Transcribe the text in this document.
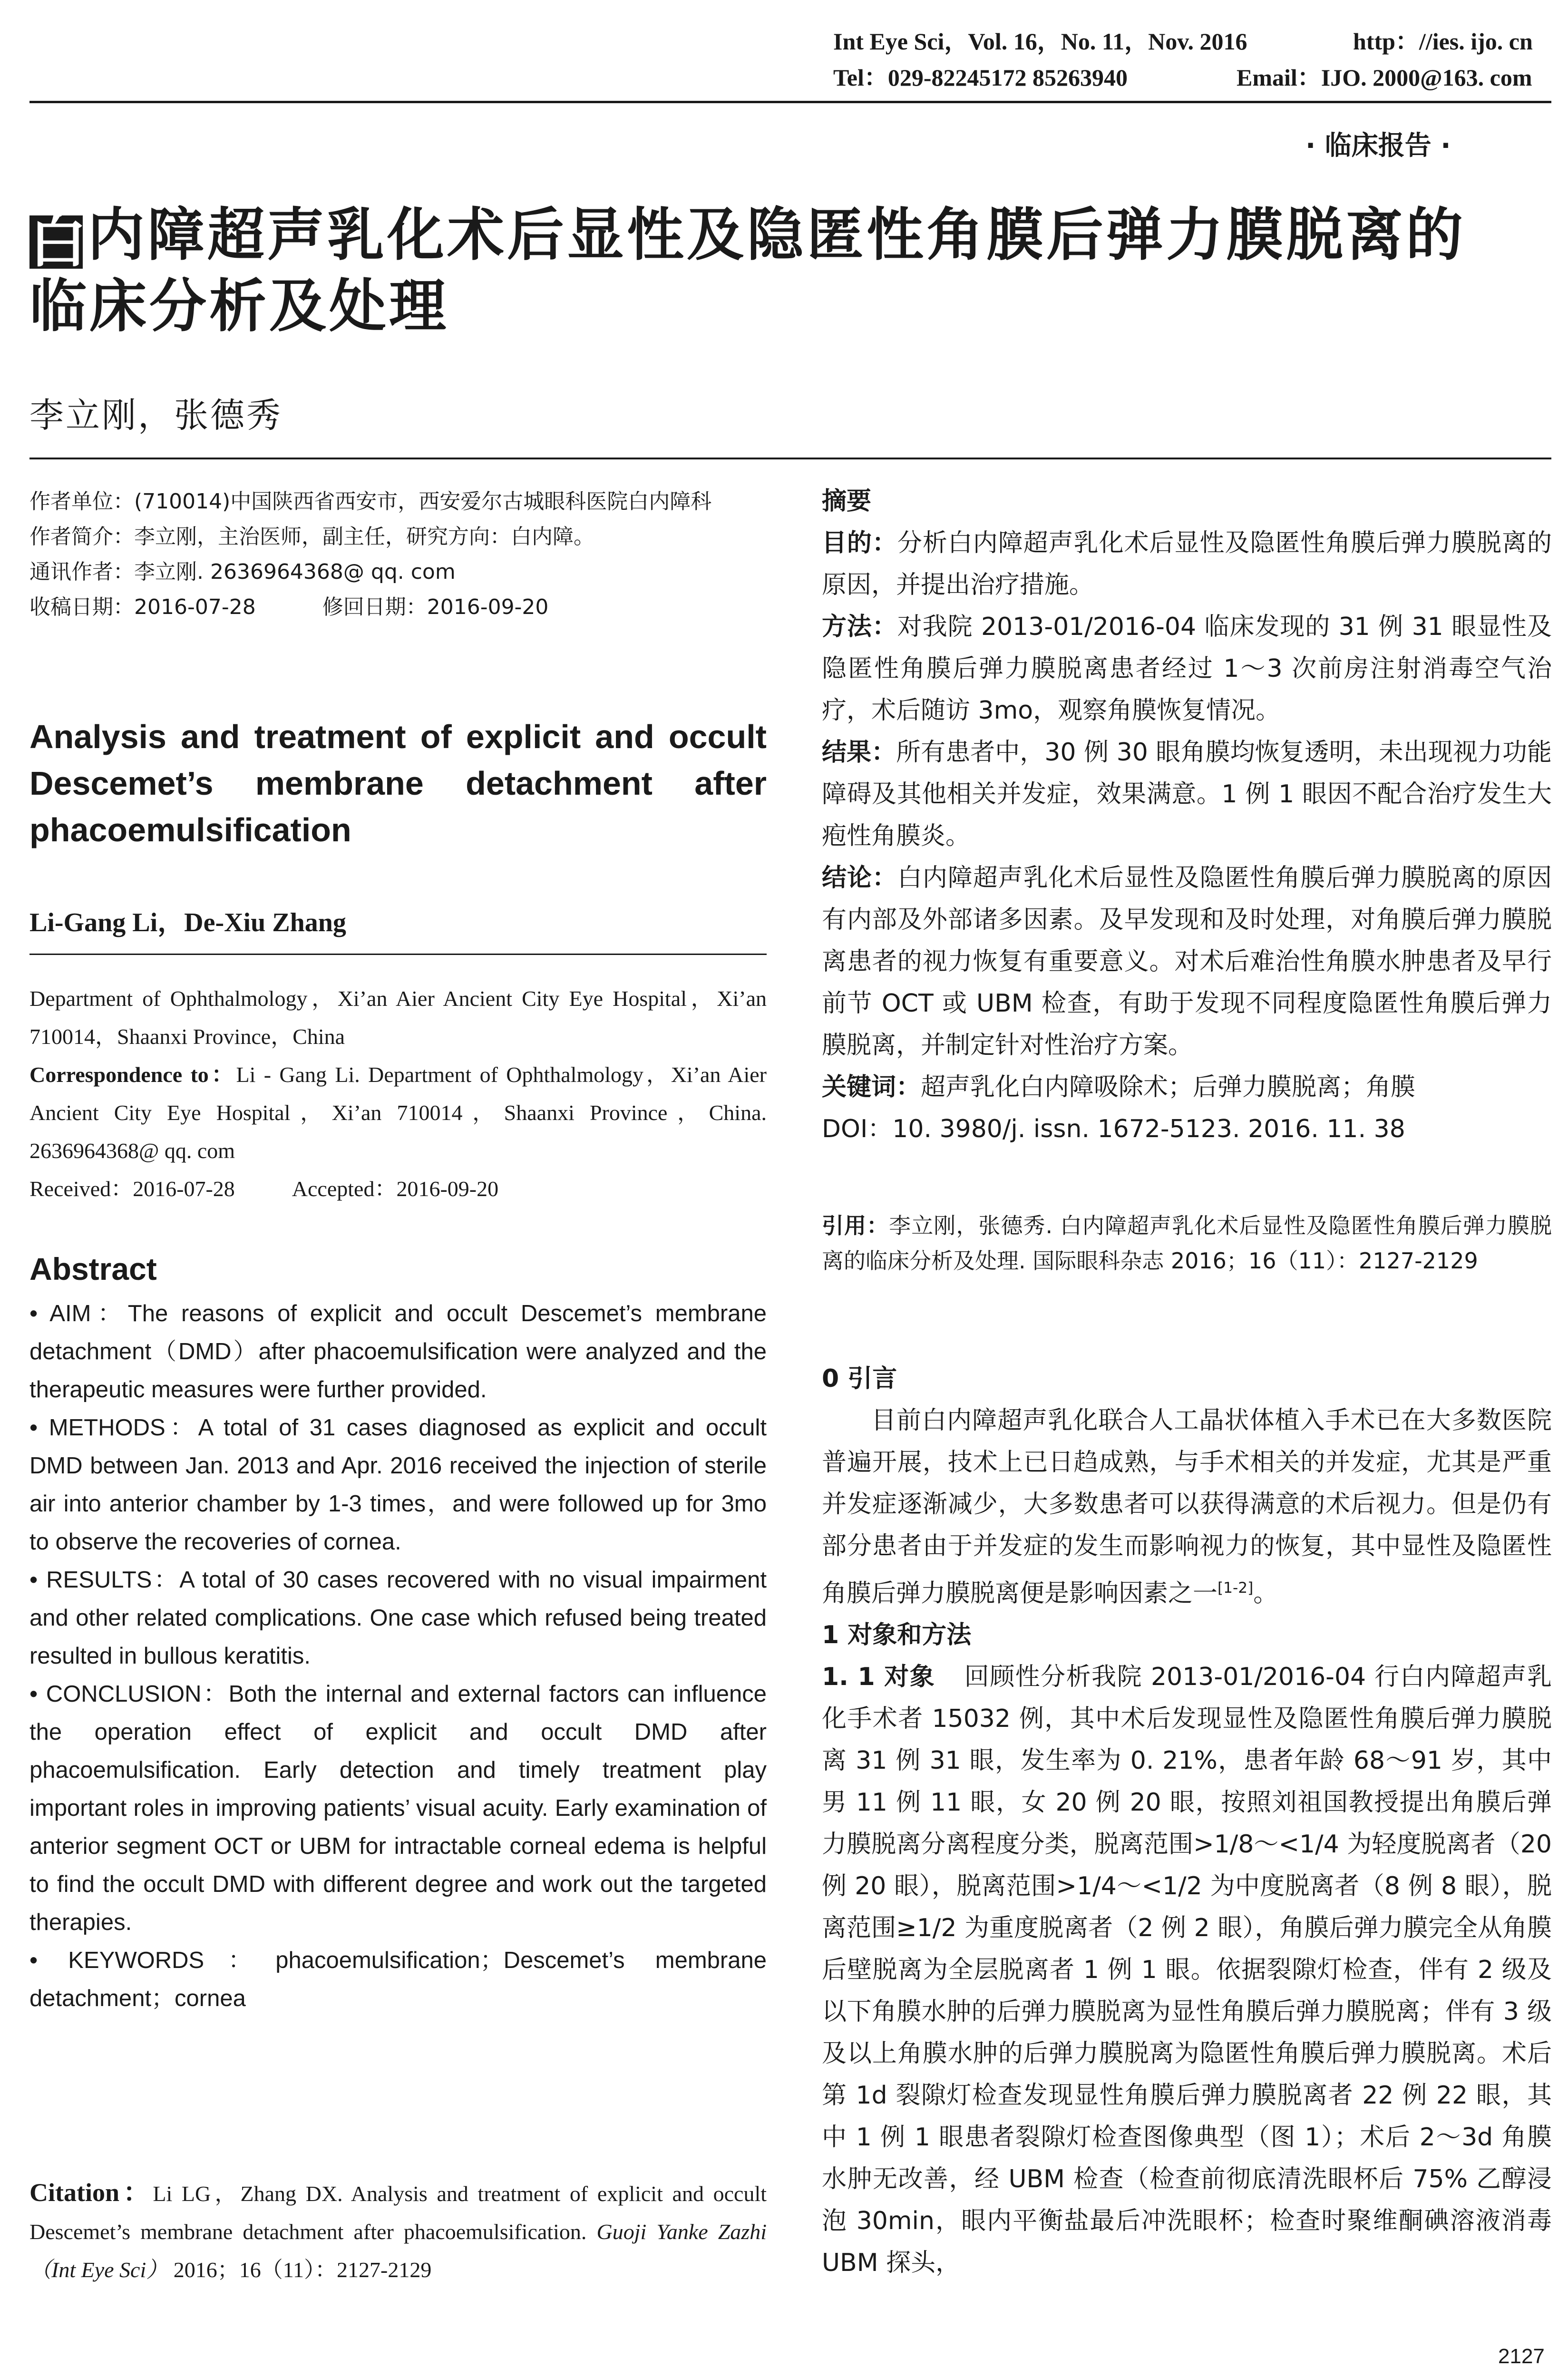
Int Eye Sci，Vol. 16，No. 11，Nov. 2016	http：//ies. ijo. cn
Tel：029-82245172 85263940	Email：IJO. 2000@163. com
· 临床报告 ·
白内障超声乳化术后显性及隐匿性角膜后弹力膜脱离的
临床分析及处理
李立刚，张德秀
作者单位：(710014)中国陕西省西安市，西安爱尔古城眼科医院白内障科
作者简介：李立刚，主治医师，副主任，研究方向：白内障。
通讯作者：李立刚. 2636964368@ qq. com
收稿日期：2016-07-28	修回日期：2016-09-20
Analysis and treatment of explicit and occult Descemet’s membrane detachment after phacoemulsification
Li-Gang Li，De-Xiu Zhang
Department of Ophthalmology，Xi’an Aier Ancient City Eye Hospital，Xi’an 710014，Shaanxi Province，China
Correspondence to：Li - Gang Li. Department of Ophthalmology，Xi’an Aier Ancient City Eye Hospital，Xi’an 710014，Shaanxi Province，China. 2636964368@ qq. com
Received：2016-07-28	Accepted：2016-09-20
Abstract

• AIM：The reasons of explicit and occult Descemet’s membrane detachment（DMD）after phacoemulsification were analyzed and the therapeutic measures were further provided.

• METHODS：A total of 31 cases diagnosed as explicit and occult DMD between Jan. 2013 and Apr. 2016 received the injection of sterile air into anterior chamber by 1-3 times，and were followed up for 3mo to observe the recoveries of cornea.

• RESULTS：A total of 30 cases recovered with no visual impairment and other related complications. One case which refused being treated resulted in bullous keratitis.

• CONCLUSION：Both the internal and external factors can influence the operation effect of explicit and occult DMD after phacoemulsification. Early detection and timely treatment play important roles in improving patients’ visual acuity. Early examination of anterior segment OCT or UBM for intractable corneal edema is helpful to find the occult DMD with different degree and work out the targeted therapies.

• KEYWORDS：phacoemulsification；Descemet’s membrane detachment；cornea

Citation：Li LG，Zhang DX. Analysis and treatment of explicit and occult Descemet’s membrane detachment after phacoemulsification. Guoji Yanke Zazhi（Int Eye Sci） 2016；16（11）：2127-2129

摘要

目的：分析白内障超声乳化术后显性及隐匿性角膜后弹力膜脱离的原因，并提出治疗措施。

方法：对我院 2013-01/2016-04 临床发现的 31 例 31 眼显性及隐匿性角膜后弹力膜脱离患者经过 1～3 次前房注射消毒空气治疗，术后随访 3mo，观察角膜恢复情况。

结果：所有患者中，30 例 30 眼角膜均恢复透明，未出现视力功能障碍及其他相关并发症，效果满意。1 例 1 眼因不配合治疗发生大疱性角膜炎。

结论：白内障超声乳化术后显性及隐匿性角膜后弹力膜脱离的原因有内部及外部诸多因素。及早发现和及时处理，对角膜后弹力膜脱离患者的视力恢复有重要意义。对术后难治性角膜水肿患者及早行前节 OCT 或 UBM 检查，有助于发现不同程度隐匿性角膜后弹力膜脱离，并制定针对性治疗方案。

关键词：超声乳化白内障吸除术；后弹力膜脱离；角膜

DOI：10. 3980/j. issn. 1672-5123. 2016. 11. 38

引用：李立刚，张德秀. 白内障超声乳化术后显性及隐匿性角膜后弹力膜脱离的临床分析及处理. 国际眼科杂志 2016；16（11）：2127-2129

0 引言

目前白内障超声乳化联合人工晶状体植入手术已在大多数医院普遍开展，技术上已日趋成熟，与手术相关的并发症，尤其是严重并发症逐渐减少，大多数患者可以获得满意的术后视力。但是仍有部分患者由于并发症的发生而影响视力的恢复，其中显性及隐匿性角膜后弹力膜脱离便是影响因素之一[1-2]。

1 对象和方法

1. 1 对象 回顾性分析我院 2013-01/2016-04 行白内障超声乳化手术者 15032 例，其中术后发现显性及隐匿性角膜后弹力膜脱离 31 例 31 眼，发生率为 0. 21%，患者年龄 68～91 岁，其中男 11 例 11 眼，女 20 例 20 眼，按照刘祖国教授提出角膜后弹力膜脱离分离程度分类，脱离范围>1/8～<1/4 为轻度脱离者（20 例 20 眼），脱离范围>1/4～<1/2 为中度脱离者（8 例 8 眼），脱离范围≥1/2 为重度脱离者（2 例 2 眼），角膜后弹力膜完全从角膜后壁脱离为全层脱离者 1 例 1 眼。依据裂隙灯检查，伴有 2 级及以下角膜水肿的后弹力膜脱离为显性角膜后弹力膜脱离；伴有 3 级及以上角膜水肿的后弹力膜脱离为隐匿性角膜后弹力膜脱离。术后第 1d 裂隙灯检查发现显性角膜后弹力膜脱离者 22 例 22 眼，其中 1 例 1 眼患者裂隙灯检查图像典型（图 1）；术后 2～3d 角膜水肿无改善，经 UBM 检查（检查前彻底清洗眼杯后 75% 乙醇浸泡 30min，眼内平衡盐最后冲洗眼杯；检查时聚维酮碘溶液消毒 UBM 探头，

2127
